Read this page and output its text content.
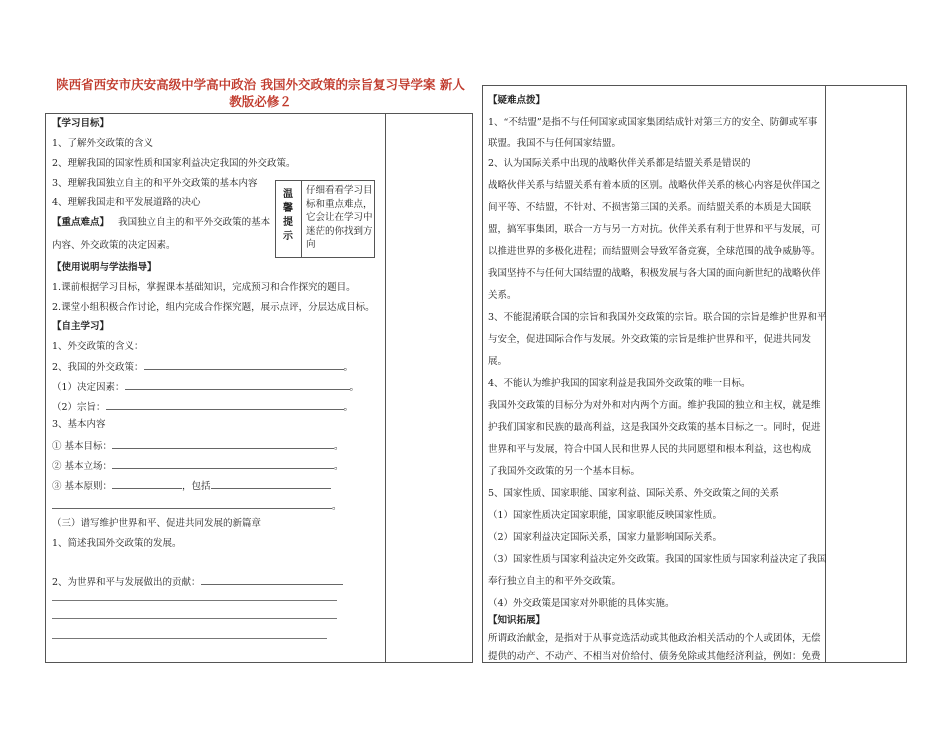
陕西省西安市庆安高级中学高中政治 我国外交政策的宗旨复习导学案 新人
教版必修２
【学习目标】
1、了解外交政策的含义
2、理解我国的国家性质和国家利益决定我国的外交政策。
3、理解我国独立自主的和平外交政策的基本内容
4、理解我国走和平发展道路的决心
【重点难点】 我国独立自主的和平外交政策的基本
内容、外交政策的决定因素。
温
馨
提
示
仔细看看学习目
标和重点难点，
它会让在学习中
迷茫的你找到方
向
【使用说明与学法指导】
1.课前根据学习目标，掌握课本基础知识，完成预习和合作探究的题目。
2.课堂小组积极合作讨论，组内完成合作探究题，展示点评，分层达成目标。
【自主学习】
1、外交政策的含义：
2、我国的外交政策：	。
（1）决定因素：	。
（2）宗旨：	。
3、基本内容
① 基本目标：	。
② 基本立场：	。
③ 基本原则：	，包括
。
（三）谱写维护世界和平、促进共同发展的新篇章
1、简述我国外交政策的发展。
2、为世界和平与发展做出的贡献：
【疑难点拨】
1、“不结盟”是指不与任何国家或国家集团结成针对第三方的安全、防御或军事
联盟。我国不与任何国家结盟。
2、认为国际关系中出现的战略伙伴关系都是结盟关系是错误的
战略伙伴关系与结盟关系有着本质的区别。战略伙伴关系的核心内容是伙伴国之
间平等、不结盟，不针对、不损害第三国的关系。而结盟关系的本质是大国联
盟，搞军事集团，联合一方与另一方对抗。伙伴关系有利于世界和平与发展，可
以推进世界的多极化进程；而结盟则会导致军备竞赛，全球范围的战争威胁等。
我国坚持不与任何大国结盟的战略，积极发展与各大国的面向新世纪的战略伙伴
关系。
3、不能混淆联合国的宗旨和我国外交政策的宗旨。联合国的宗旨是维护世界和平
与安全，促进国际合作与发展。外交政策的宗旨是维护世界和平，促进共同发
展。
4、不能认为维护我国的国家利益是我国外交政策的唯一目标。
我国外交政策的目标分为对外和对内两个方面。维护我国的独立和主权，就是维
护我们国家和民族的最高利益，这是我国外交政策的基本目标之一。同时，促进
世界和平与发展，符合中国人民和世界人民的共同愿望和根本利益，这也构成
了我国外交政策的另一个基本目标。
5、国家性质、国家职能、国家利益、国际关系、外交政策之间的关系
（1）国家性质决定国家职能，国家职能反映国家性质。
（2）国家利益决定国际关系，国家力量影响国际关系。
（3）国家性质与国家利益决定外交政策。我国的国家性质与国家利益决定了我国
奉行独立自主的和平外交政策。
（4）外交政策是国家对外职能的具体实施。
【知识拓展】
所谓政治献金，是指对于从事竞选活动或其他政治相关活动的个人或团体，无偿
提供的动产、不动产、不相当对价给付、债务免除或其他经济利益，例如：免费
